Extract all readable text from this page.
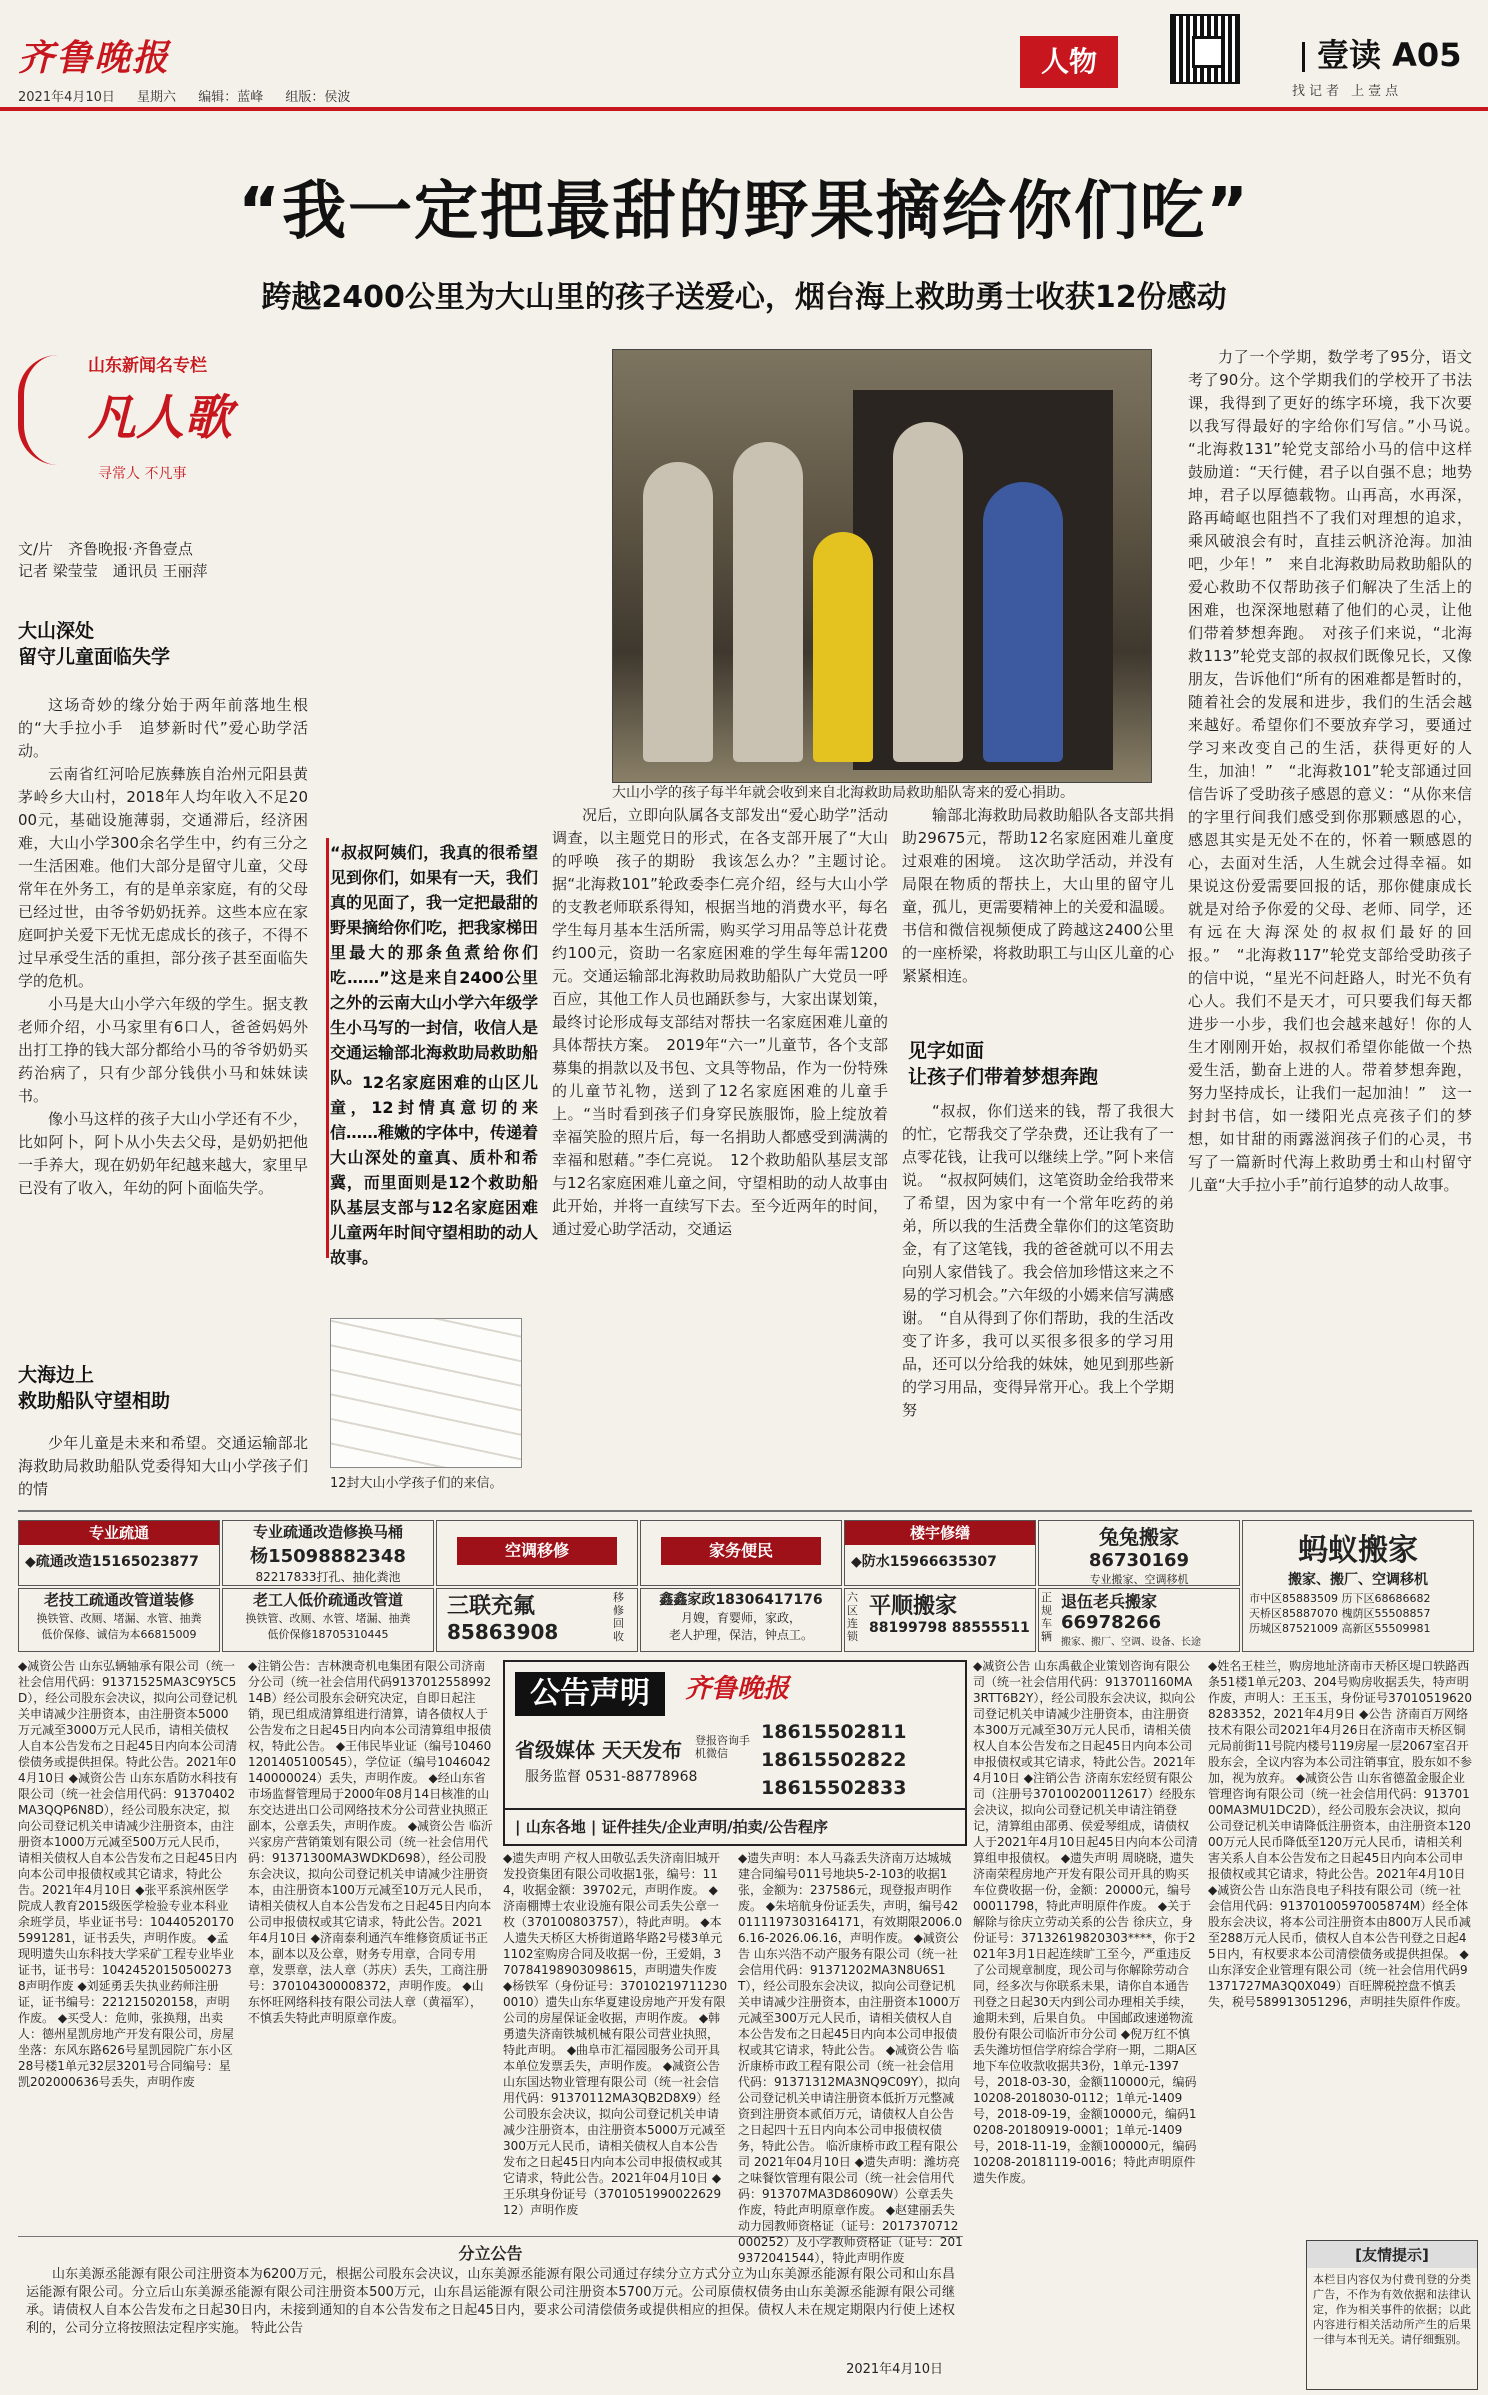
齐鲁晚报
2021年4月10日 星期六 编辑：蓝峰 组版：侯波
人物	壹读 A05
找记者 上壹点
“我一定把最甜的野果摘给你们吃”
跨越2400公里为大山里的孩子送爱心，烟台海上救助勇士收获12份感动
山东新闻名专栏
凡人歌
寻常人 不凡事
文/片　齐鲁晚报·齐鲁壹点
记者 梁莹莹　通讯员 王丽萍
大山深处
留守儿童面临失学

这场奇妙的缘分始于两年前落地生根的“大手拉小手　追梦新时代”爱心助学活动。

云南省红河哈尼族彝族自治州元阳县黄茅岭乡大山村，2018年人均年收入不足2000元，基础设施薄弱，交通滞后，经济困难，大山小学300余名学生中，约有三分之一生活困难。他们大部分是留守儿童，父母常年在外务工，有的是单亲家庭，有的父母已经过世，由爷爷奶奶抚养。这些本应在家庭呵护关爱下无忧无虑成长的孩子，不得不过早承受生活的重担，部分孩子甚至面临失学的危机。

小马是大山小学六年级的学生。据支教老师介绍，小马家里有6口人，爸爸妈妈外出打工挣的钱大部分都给小马的爷爷奶奶买药治病了，只有少部分钱供小马和妹妹读书。

像小马这样的孩子大山小学还有不少，比如阿卜，阿卜从小失去父母，是奶奶把他一手养大，现在奶奶年纪越来越大，家里早已没有了收入，年幼的阿卜面临失学。

大海边上
救助船队守望相助

少年儿童是未来和希望。交通运输部北海救助局救助船队党委得知大山小学孩子们的情

大山小学的孩子每半年就会收到来自北海救助局救助船队寄来的爱心捐助。
“叔叔阿姨们，我真的很希望见到你们，如果有一天，我们真的见面了，我一定把最甜的野果摘给你们吃，把我家梯田里最大的那条鱼煮给你们吃……”这是来自2400公里之外的云南大山小学六年级学生小马写的一封信，收信人是交通运输部北海救助局救助船队。 12名家庭困难的山区儿童，12封情真意切的来信……稚嫩的字体中，传递着大山深处的童真、质朴和希冀，而里面则是12个救助船队基层支部与12名家庭困难儿童两年时间守望相助的动人故事。
12封大山小学孩子们的来信。

况后，立即向队属各支部发出“爱心助学”活动调查，以主题党日的形式，在各支部开展了“大山的呼唤　孩子的期盼　我该怎么办？”主题讨论。　据“北海救101”轮政委李仁亮介绍，经与大山小学的支教老师联系得知，根据当地的消费水平，每名学生每月基本生活所需，购买学习用品等总计花费约100元，资助一名家庭困难的学生每年需1200元。交通运输部北海救助局救助船队广大党员一呼百应，其他工作人员也踊跃参与，大家出谋划策，最终讨论形成每支部结对帮扶一名家庭困难儿童的具体帮扶方案。　2019年“六一”儿童节，各个支部募集的捐款以及书包、文具等物品，作为一份特殊的儿童节礼物，送到了12名家庭困难的儿童手上。“当时看到孩子们身穿民族服饰，脸上绽放着幸福笑脸的照片后，每一名捐助人都感受到满满的幸福和慰藉。”李仁亮说。　12个救助船队基层支部与12名家庭困难儿童之间，守望相助的动人故事由此开始，并将一直续写下去。至今近两年的时间，通过爱心助学活动，交通运

输部北海救助局救助船队各支部共捐助29675元，帮助12名家庭困难儿童度过艰难的困境。　这次助学活动，并没有局限在物质的帮扶上，大山里的留守儿童，孤儿，更需要精神上的关爱和温暖。书信和微信视频便成了跨越这2400公里的一座桥梁，将救助职工与山区儿童的心紧紧相连。

见字如面
让孩子们带着梦想奔跑

“叔叔，你们送来的钱，帮了我很大的忙，它帮我交了学杂费，还让我有了一点零花钱，让我可以继续上学。”阿卜来信说。　“叔叔阿姨们，这笔资助金给我带来了希望，因为家中有一个常年吃药的弟弟，所以我的生活费全靠你们的这笔资助金，有了这笔钱，我的爸爸就可以不用去向别人家借钱了。我会倍加珍惜这来之不易的学习机会。”六年级的小嫣来信写满感谢。　“自从得到了你们帮助，我的生活改变了许多，我可以买很多很多的学习用品，还可以分给我的妹妹，她见到那些新的学习用品，变得异常开心。我上个学期努

力了一个学期，数学考了95分，语文考了90分。这个学期我们的学校开了书法课，我得到了更好的练字环境，我下次要以我写得最好的字给你们写信。”小马说。　“北海救131”轮党支部给小马的信中这样鼓励道：“天行健，君子以自强不息；地势坤，君子以厚德载物。山再高，水再深，路再崎岖也阻挡不了我们对理想的追求，乘风破浪会有时，直挂云帆济沧海。加油吧，少年！”　来自北海救助局救助船队的爱心救助不仅帮助孩子们解决了生活上的困难，也深深地慰藉了他们的心灵，让他们带着梦想奔跑。　对孩子们来说，“北海救113”轮党支部的叔叔们既像兄长，又像朋友，告诉他们“所有的困难都是暂时的，随着社会的发展和进步，我们的生活会越来越好。希望你们不要放弃学习，要通过学习来改变自己的生活，获得更好的人生，加油！”　“北海救101”轮支部通过回信告诉了受助孩子感恩的意义：“从你来信的字里行间我们感受到你那颗感恩的心，感恩其实是无处不在的，怀着一颗感恩的心，去面对生活，人生就会过得幸福。如果说这份爱需要回报的话，那你健康成长就是对给予你爱的父母、老师、同学，还有远在大海深处的叔叔们最好的回报。”　“北海救117”轮党支部给受助孩子的信中说，“星光不问赶路人，时光不负有心人。我们不是天才，可只要我们每天都进步一小步，我们也会越来越好！你的人生才刚刚开始，叔叔们希望你能做一个热爱生活，勤奋上进的人。带着梦想奔跑，努力坚持成长，让我们一起加油！”　这一封封书信，如一缕阳光点亮孩子们的梦想，如甘甜的雨露滋润孩子们的心灵，书写了一篇新时代海上救助勇士和山村留守儿童“大手拉小手”前行追梦的动人故事。

专业疏通
◆疏通改造15165023877
专业疏通改造修换马桶
杨15098882348
82217833打孔、抽化粪池
空调移修	家务便民
楼宇修缮
◆防水15966635307
兔兔搬家
86730169
专业搬家、空调移机
蚂蚁搬家
搬家、搬厂、空调移机
市中区85883509 历下区68686682
天桥区85887070 槐荫区55508857
历城区87521009 高新区55509981
老技工疏通改管道装修
换铁管、改厕、堵漏、水管、抽粪
低价保修、诚信为本66815009
老工人低价疏通改管道
换铁管、改厕、水管、堵漏、抽粪
低价保修18705310445
移修回收
三联充氟
85863908
鑫鑫家政18306417176
月嫂，育婴师，家政，
老人护理，保洁，钟点工。
六区连锁
平顺搬家
88199798 88555511
正规车辆
退伍老兵搬家
66978266
搬家、搬厂、空调、设备、长途

◆减资公告 山东弘辆轴承有限公司（统一社会信用代码：91371525MA3C9Y5C5D），经公司股东会决议，拟向公司登记机关申请减少注册资本，由注册资本5000万元减至3000万元人民币，请相关债权人自本公告发布之日起45日内向本公司清偿债务或提供担保。特此公告。2021年04月10日 ◆减资公告 山东东盾防水科技有限公司（统一社会信用代码：91370402MA3QQP6N8D），经公司股东决定，拟向公司登记机关申请减少注册资本，由注册资本1000万元减至500万元人民币，请相关债权人自本公告发布之日起45日内向本公司申报债权或其它请求，特此公告。2021年4月10日 ◆张平系滨州医学院成人教育2015级医学检验专业本科业余班学员，毕业证书号：104405201705991281，证书丢失，声明作废。 ◆孟现明遗失山东科技大学采矿工程专业毕业证书，证书号：104245201505002738声明作废 ◆刘延勇丢失执业药师注册证，证书编号：221215020158，声明作废。 ◆买受人：危帅，张换翔，出卖人：德州星凯房地产开发有限公司，房屋坐落：东风东路626号星凯园院广东小区28号楼1单元32层3201号合同编号：星凯202000636号丢失，声明作废

◆注销公告：吉林澳奇机电集团有限公司济南分公司（统一社会信用代码913701255899214B）经公司股东会研究决定，自即日起注销，现已组成清算组进行清算，请各债权人于公告发布之日起45日内向本公司清算组申报债权，特此公告。 ◆王伟民毕业证（编号104601201405100545），学位证（编号1046042140000024）丢失，声明作废。 ◆经山东省市场监督管理局于2000年08月14日核准的山东交达进出口公司网络技术分公司营业执照正副本，公章丢失，声明作废。 ◆减资公告 临沂兴家房产营销策划有限公司（统一社会信用代码：91371300MA3WDKD698），经公司股东会决议，拟向公司登记机关申请减少注册资本，由注册资本100万元减至10万元人民币，请相关债权人自本公告发布之日起45日内向本公司申报债权或其它请求，特此公告。2021年4月10日 ◆济南泰利通汽车维修资质证书正本，副本以及公章，财务专用章，合同专用章，发票章，法人章（苏庆）丢失，工商注册号：370104300008372，声明作废。 ◆山东怀旺网络科技有限公司法人章（黄福军），不慎丢失特此声明原章作废。

公告声明	齐鲁晚报
省级媒体 天天发布 登报咨询手机微信
服务监督 0531-88778968
18615502811
18615502822
18615502833
| 山东各地 | 证件挂失/企业声明/拍卖/公告程序

◆遗失声明 产权人田敬弘丢失济南旧城开发投资集团有限公司收据1张，编号：114，收据金额：39702元，声明作废。 ◆济南棚博士农业设施有限公司丢失公章一枚（370100803757），特此声明。 ◆本人遗失天桥区大桥街道路华路2号楼3单元1102室购房合同及收据一份，王爱娟，370784198903098615，声明遗失作废 ◆杨铁军（身份证号：370102197112300010）遗失山东华夏建设房地产开发有限公司的房屋保证金收据，声明作废。 ◆韩勇遗失济南铁城机械有限公司营业执照，特此声明。 ◆曲阜市汇福园服务公司开具本单位发票丢失，声明作废。 ◆减资公告 山东国达物业管理有限公司（统一社会信用代码：91370112MA3QB2D8X9）经公司股东会决议，拟向公司登记机关申请减少注册资本，由注册资本5000万元减至300万元人民币，请相关债权人自本公告发布之日起45日内向本公司申报债权或其它请求，特此公告。2021年04月10日 ◆王乐琪身份证号（370105199002262912）声明作废

◆遗失声明：本人马淼丢失济南万达城城建合同编号011号地块5-2-103的收据1张，金额为：237586元，现登报声明作废。 ◆朱培航身份证丢失，声明，编号420111197303164171，有效期限2006.06.16-2026.06.16，声明作废。 ◆减资公告 山东兴浩不动产服务有限公司（统一社会信用代码：91371202MA3N8U6S1T），经公司股东会决议，拟向公司登记机关申请减少注册资本，由注册资本1000万元减至300万元人民币，请相关债权人自本公告发布之日起45日内向本公司申报债权或其它请求，特此公告。 ◆减资公告 临沂康桥市政工程有限公司（统一社会信用代码：91371312MA3NQ9C09Y），拟向公司登记机关申请注册资本低折万元整减资到注册资本贰佰万元，请债权人自公告之日起四十五日内向本公司申报债权债务，特此公告。 临沂康桥市政工程有限公司 2021年04月10日 ◆遗失声明：潍坊亮之味餐饮管理有限公司（统一社会信用代码：913707MA3D86090W）公章丢失作废，特此声明原章作废。 ◆赵建丽丢失动力园教师资格证（证号：2017370712000252）及小学教师资格证（证号：2019372041544），特此声明作废

◆减资公告 山东禹截企业策划咨询有限公司（统一社会信用代码：913701160MA3RTT6B2Y），经公司股东会决议，拟向公司登记机关申请减少注册资本，由注册资本300万元减至30万元人民币，请相关债权人自本公告发布之日起45日内向本公司申报债权或其它请求，特此公告。2021年4月10日 ◆注销公告 济南东宏经贸有限公司（注册号3701002001126​17）经股东会决议，拟向公司登记机关申请注销登记，清算组由邵勇、侯爱琴组成，请债权人于2021年4月10日起45日内向本公司清算组申报债权。 ◆遗失声明 周晓晓，遗失济南荣程房地产开发有限公司开具的购买车位费收据一份，金额：20000元，编号00011798，特此声明原件作废。 ◆关于解除与徐庆立劳动关系的公告 徐庆立，身份证号：37132619820303****，你于2021年3月1日起连续旷工至今，严重违反了公司规章制度，现公司与你解除劳动合同，经多次与你联系未果，请你自本通告刊登之日起30天内到公司办理相关手续，逾期未到，后果自负。 中国邮政速递物流股份有限公司临沂市分公司 ◆倪万红不慎丢失潍坊恒信学府综合学府一期，二期A区地下车位收款收据共3份，1单元-1397号，2018-03-30，金额110000元，编码10208-2018030-0112；1单元-1409号，2018-09-19，金额10000元，编码10208-20180919-0001；1单元-1409号，2018-11-19，金额100000元，编码10208-20181119-0016；特此声明原件遗失作废。

◆姓名王桂兰，购房地址济南市天桥区堤口轶路西条51楼1单元203、204号购房收据丢失，特声明作废，声明人：王玉玉，身份证号370105196208283352，2021年4月9日 ◆公告 济南百万网络技术有限公司2021年4月26日在济南市天桥区铜元局前街11号院内楼号119房屋一层20​67室召开股东会，全议内容为本公司注销事宜，股东如不参加，视为放弃。 ◆减资公告 山东省德盈金服企业管理咨询有限公司（统一社会信用代码：91370100MA3MU1DC2D），经公司股东会决议，拟向公司登记机关申请降低注册资本，由注册资本12000万元人民币降低至120万元人民币，请相关利害关系人自本公告发布之日起45日内向本公司申报债权或其它请求，特此公告。2021年4月10日 ◆减资公告 山东浩良电子科技有限公司（统一社会信用代码：91370100597005874M）经全体股东会决议，将本公司注册资本由800万人民币减至288万元人民币，债权人自本公告刊登之日起45日内，有权要求本公司清偿债务或提供担保。 ◆山东泽安企业管理有限公司（统一社会信用代码91371727MA3Q0X049）百旺牌税控盘不慎丢失，税号589913051296，声明挂失原件作废。

分立公告
山东美源丞能源有限公司注册资本为6200万元，根据公司股东会决议，山东美源丞能源有限公司通过存续分立方式分立为山东美源丞能源有限公司和山东昌运能源有限公司。分立后山东美源丞能源有限公司注册资本500万元，山东昌运能源有限公司注册资本5700万元。公司原债权债务由山东美源丞能源有限公司继承。请债权人自本公告发布之日起30日内，未接到通知的自本公告发布之日起45日内，要求公司清偿债务或提供相应的担保。债权人未在规定期限内行使上述权利的，公司分立将按照法定程序实施。 特此公告
2021年4月10日
[友情提示]
本栏目内容仅为付费刊登的分类广告，不作为有效依据和法律认定，作为相关事件的依据；以此内容进行相关活动所产生的后果一律与本刊无关。请仔细甄别。
